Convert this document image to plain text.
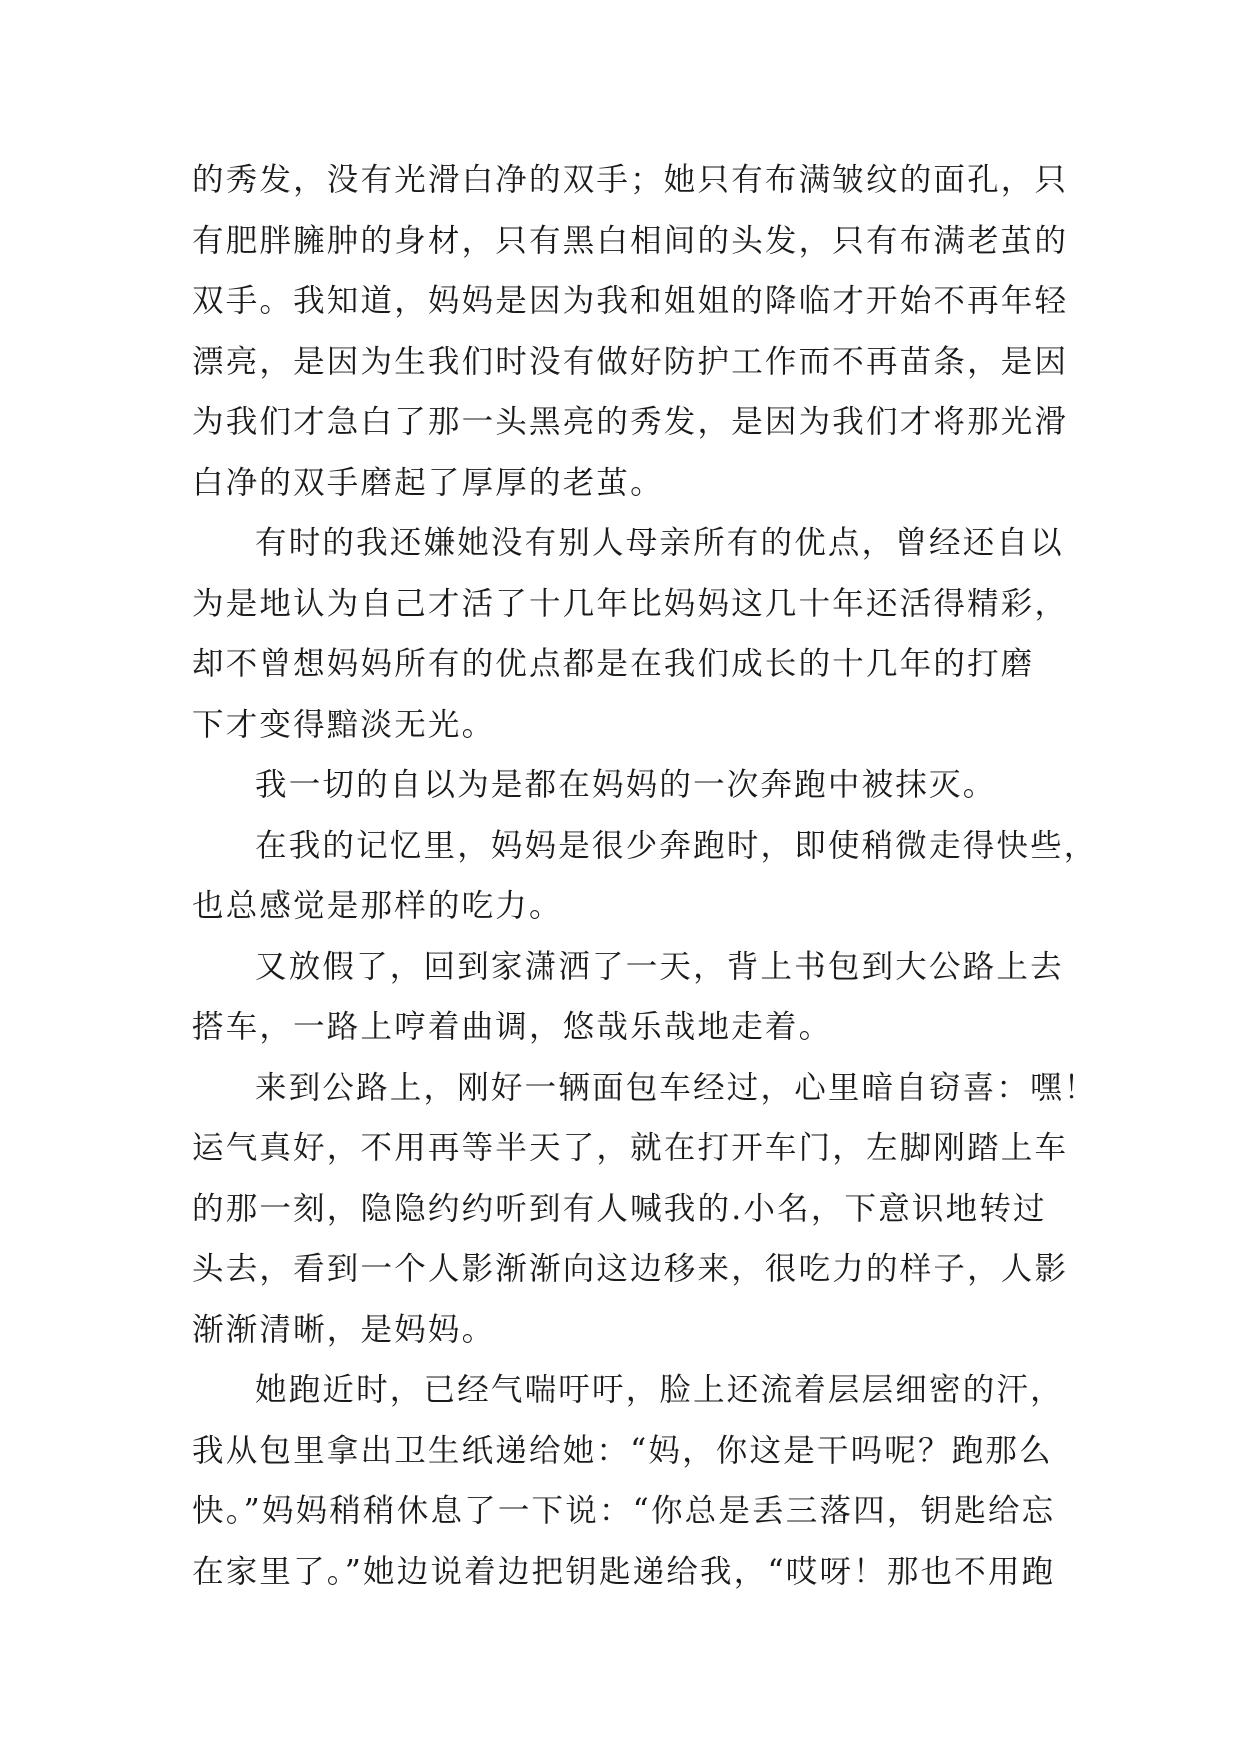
的秀发，没有光滑白净的双手；她只有布满皱纹的面孔，只
有肥胖臃肿的身材，只有黑白相间的头发，只有布满老茧的
双手。我知道，妈妈是因为我和姐姐的降临才开始不再年轻
漂亮，是因为生我们时没有做好防护工作而不再苗条，是因
为我们才急白了那一头黑亮的秀发，是因为我们才将那光滑
白净的双手磨起了厚厚的老茧。
有时的我还嫌她没有别人母亲所有的优点，曾经还自以
为是地认为自己才活了十几年比妈妈这几十年还活得精彩，
却不曾想妈妈所有的优点都是在我们成长的十几年的打磨
下才变得黯淡无光。
我一切的自以为是都在妈妈的一次奔跑中被抹灭。
在我的记忆里，妈妈是很少奔跑时，即使稍微走得快些，
也总感觉是那样的吃力。
又放假了，回到家潇洒了一天，背上书包到大公路上去
搭车，一路上哼着曲调，悠哉乐哉地走着。
来到公路上，刚好一辆面包车经过，心里暗自窃喜：嘿！
运气真好，不用再等半天了，就在打开车门，左脚刚踏上车
的那一刻，隐隐约约听到有人喊我的.小名，下意识地转过
头去，看到一个人影渐渐向这边移来，很吃力的样子，人影
渐渐清晰，是妈妈。
她跑近时，已经气喘吁吁，脸上还流着层层细密的汗，
我从包里拿出卫生纸递给她：“妈，你这是干吗呢？跑那么
快。”妈妈稍稍休息了一下说：“你总是丢三落四，钥匙给忘
在家里了。”她边说着边把钥匙递给我，“哎呀！那也不用跑
